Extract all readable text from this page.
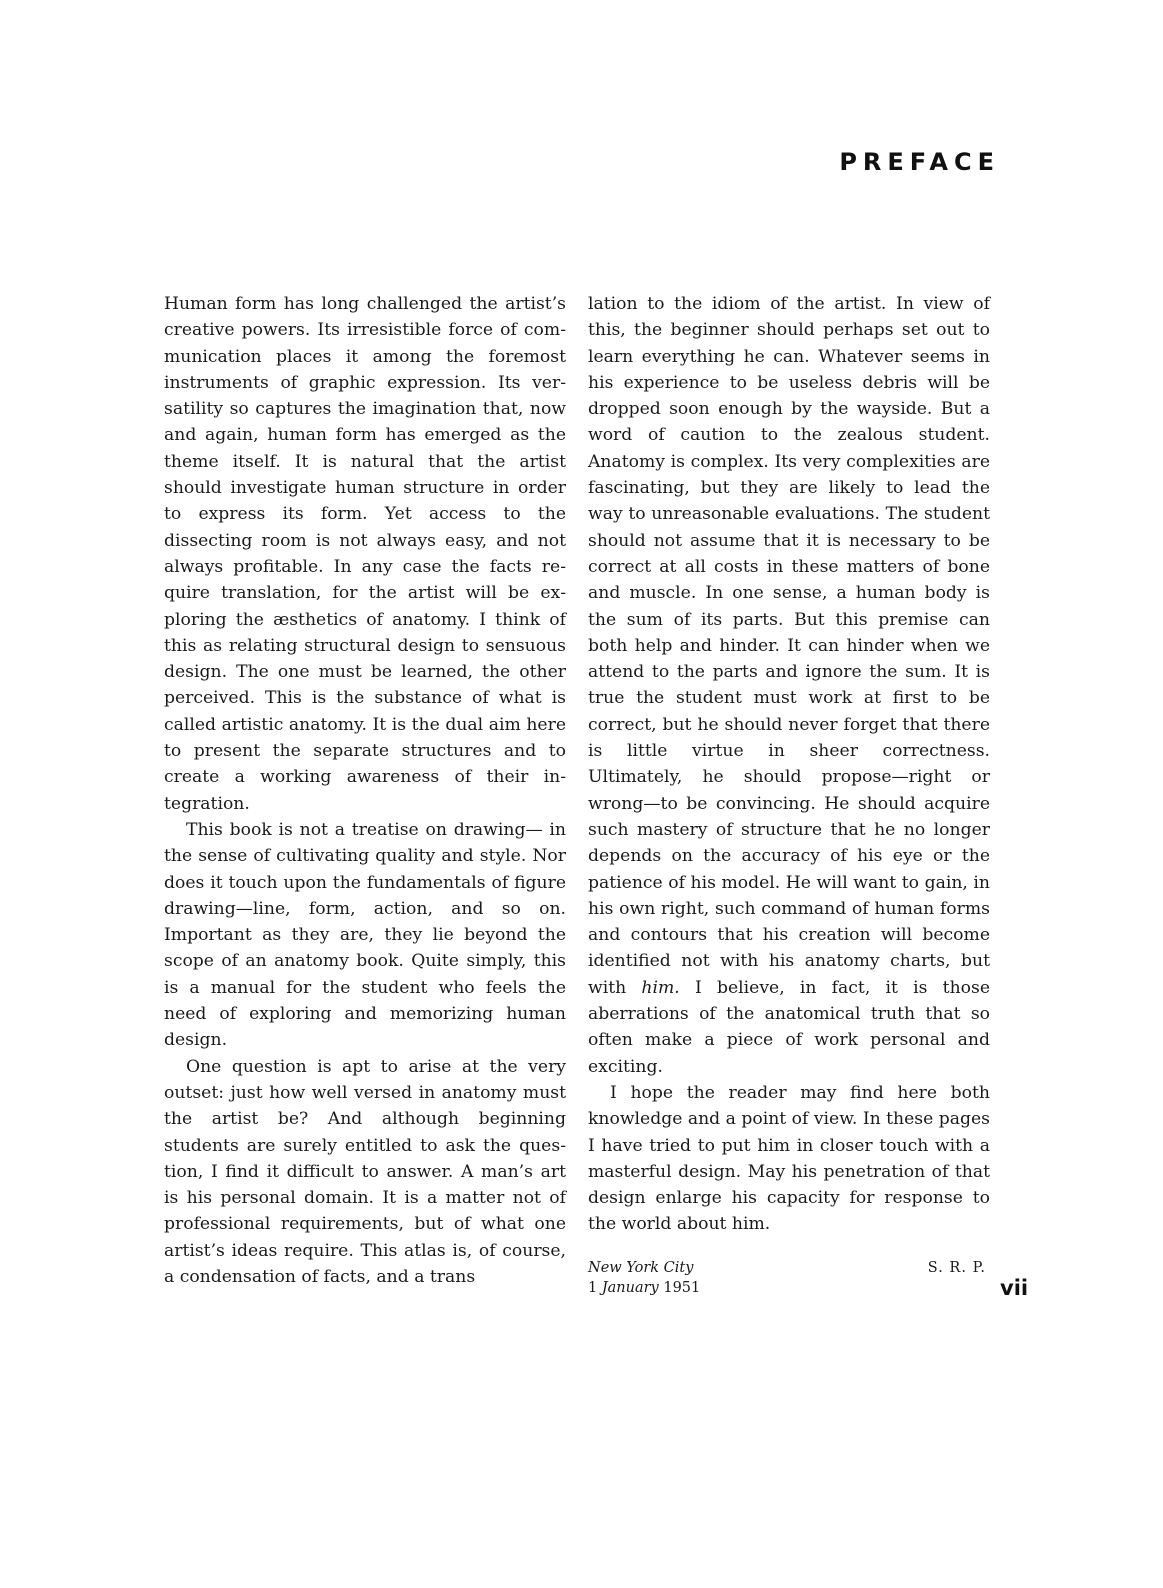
PREFACE

Human form has long challenged the artist’s creative powers. Its irresistible force of communication places it among the foremost instruments of graphic expression. Its versatility so captures the imagination that, now and again, human form has emerged as the theme itself. It is natural that the artist should investigate human structure in order to express its form. Yet access to the dissecting room is not always easy, and not always profitable. In any case the facts require translation, for the artist will be exploring the æsthetics of anatomy. I think of this as relating structural design to sensuous design. The one must be learned, the other perceived. This is the substance of what is called artistic anatomy. It is the dual aim here to present the separate structures and to create a working awareness of their integration.

This book is not a treatise on drawing— in the sense of cultivating quality and style. Nor does it touch upon the fundamentals of figure drawing—line, form, action, and so on. Important as they are, they lie beyond the scope of an anatomy book. Quite simply, this is a manual for the student who feels the need of exploring and memorizing human design.

One question is apt to arise at the very outset: just how well versed in anatomy must the artist be? And although beginning students are surely entitled to ask the question, I find it difficult to answer. A man’s art is his personal domain. It is a matter not of professional requirements, but of what one artist’s ideas require. This atlas is, of course, a condensation of facts, and a trans

lation to the idiom of the artist. In view of this, the beginner should perhaps set out to learn everything he can. Whatever seems in his experience to be useless debris will be dropped soon enough by the wayside. But a word of caution to the zealous student. Anatomy is complex. Its very complexities are fascinating, but they are likely to lead the way to unreasonable evaluations. The student should not assume that it is necessary to be correct at all costs in these matters of bone and muscle. In one sense, a human body is the sum of its parts. But this premise can both help and hinder. It can hinder when we attend to the parts and ignore the sum. It is true the student must work at first to be correct, but he should never forget that there is little virtue in sheer correctness. Ultimately, he should propose—right or wrong—to be convincing. He should acquire such mastery of structure that he no longer depends on the accuracy of his eye or the patience of his model. He will want to gain, in his own right, such command of human forms and contours that his creation will become identified not with his anatomy charts, but with him. I believe, in fact, it is those aberrations of the anatomical truth that so often make a piece of work personal and exciting.

I hope the reader may find here both knowledge and a point of view. In these pages I have tried to put him in closer touch with a masterful design. May his penetration of that design enlarge his capacity for response to the world about him.

New York City
1 January 1951
S. R. P.
vii
